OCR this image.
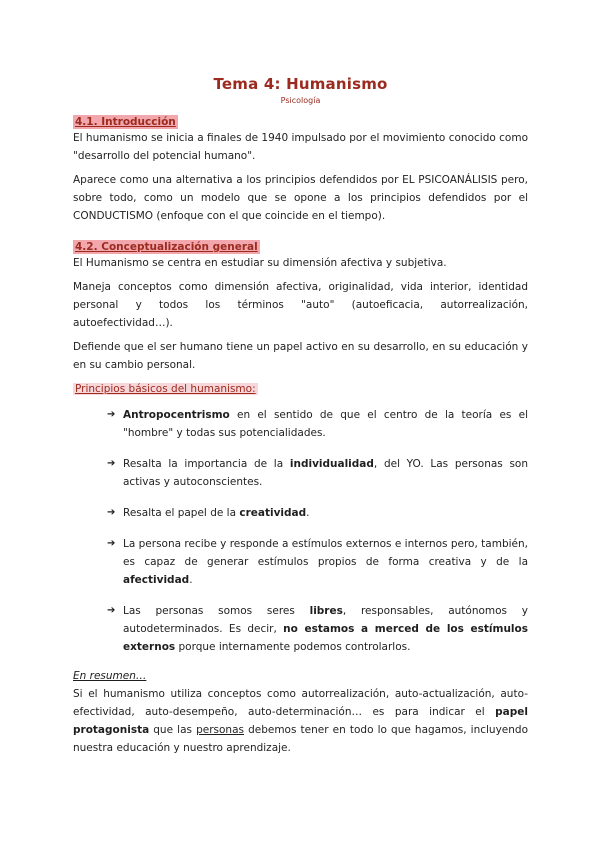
Tema 4: Humanismo
Psicología
4.1. Introducción

El humanismo se inicia a finales de 1940 impulsado por el movimiento conocido como "desarrollo del potencial humano".

Aparece como una alternativa a los principios defendidos por EL PSICOANÁLISIS pero, sobre todo, como un modelo que se opone a los principios defendidos por el CONDUCTISMO (enfoque con el que coincide en el tiempo).

4.2. Conceptualización general

El Humanismo se centra en estudiar su dimensión afectiva y subjetiva.

Maneja conceptos como dimensión afectiva, originalidad, vida interior, identidad personal y todos los términos "auto" (autoeficacia, autorrealización, autoefectividad…).

Defiende que el ser humano tiene un papel activo en su desarrollo, en su educación y en su cambio personal.

Principios básicos del humanismo:

➔ Antropocentrismo en el sentido de que el centro de la teoría es el "hombre" y todas sus potencialidades.
➔ Resalta la importancia de la individualidad, del YO. Las personas son activas y autoconscientes.
➔ Resalta el papel de la creatividad.
➔ La persona recibe y responde a estímulos externos e internos pero, también, es capaz de generar estímulos propios de forma creativa y de la afectividad.
➔ Las personas somos seres libres, responsables, autónomos y autodeterminados. Es decir, no estamos a merced de los estímulos externos porque internamente podemos controlarlos.

En resumen…

Si el humanismo utiliza conceptos como autorrealización, auto-actualización, auto-efectividad, auto-desempeño, auto-determinación… es para indicar el papel protagonista que las personas debemos tener en todo lo que hagamos, incluyendo nuestra educación y nuestro aprendizaje.
